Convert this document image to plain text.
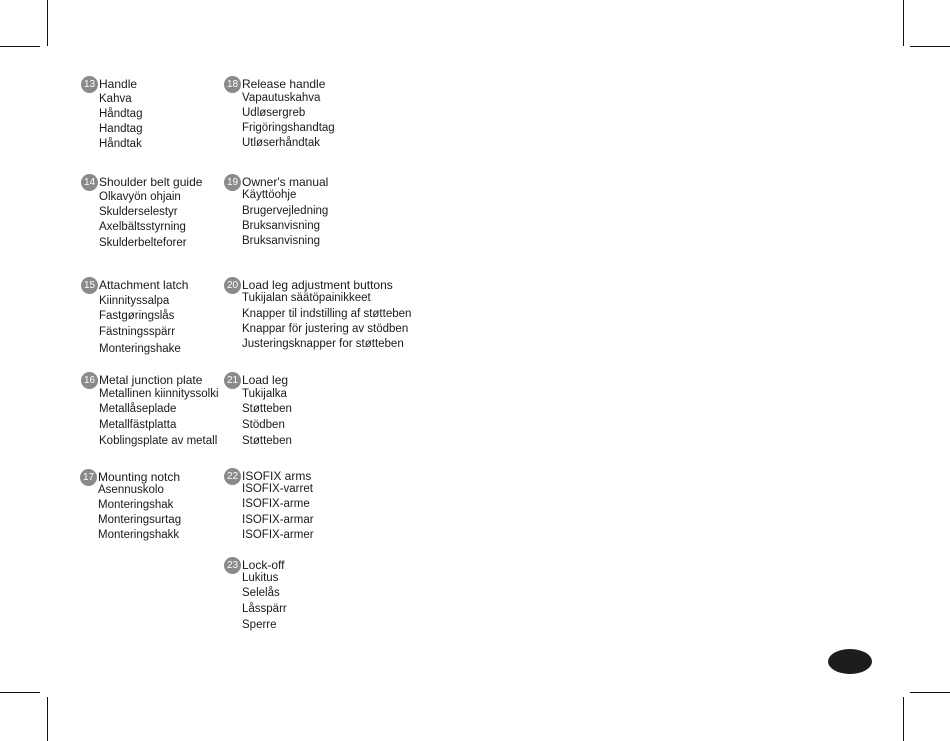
13 Handle
Kahva
Håndtag
Handtag
Håndtak
14 Shoulder belt guide
Olkavyön ohjain
Skulderselestyr
Axelbältsstyrning
Skulderbelteforer
15 Attachment latch
Kiinnityssalpa
Fastgøringslås
Fästningsspärr
Monteringshake
16 Metal junction plate
Metallinen kiinnityssolki
Metallåseplade
Metallfästplatta
Koblingsplate av metall
17 Mounting notch
Asennuskolo
Monteringshak
Monteringsurtag
Monteringshakk
18 Release handle
Vapautuskahva
Udløsergreb
Frigöringshandtag
Utløserhåndtak
19 Owner's manual
Käyttöohje
Brugervejledning
Bruksanvisning
Bruksanvisning
20 Load leg adjustment buttons
Tukijalan säätöpainikkeet
Knapper til indstilling af støtteben
Knappar för justering av stödben
Justeringsknapper for støtteben
21 Load leg
Tukijalka
Støtteben
Stödben
Støtteben
22 ISOFIX arms
ISOFIX-varret
ISOFIX-arme
ISOFIX-armar
ISOFIX-armer
23 Lock-off
Lukitus
Selelås
Låsspärr
Sperre
